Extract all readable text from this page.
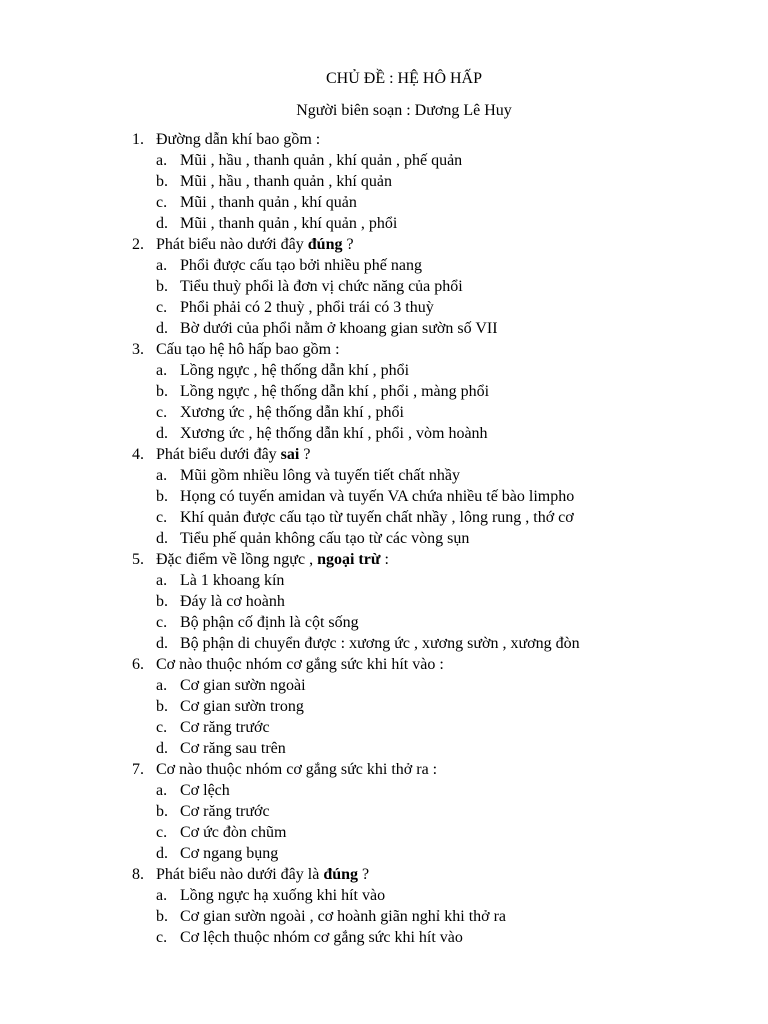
CHỦ ĐỀ : HỆ HÔ HẤP
Người biên soạn : Dương Lê Huy
1. Đường dẫn khí bao gồm :
a. Mũi , hầu , thanh quản , khí quản , phế quản
b. Mũi , hầu , thanh quản , khí quản
c. Mũi , thanh quản , khí quản
d. Mũi , thanh quản , khí quản , phổi
2. Phát biểu nào dưới đây đúng ?
a. Phổi được cấu tạo bởi nhiều phế nang
b. Tiểu thuỳ phổi là đơn vị chức năng của phổi
c. Phổi phải có 2 thuỳ , phổi trái có 3 thuỳ
d. Bờ dưới của phổi nằm ở khoang gian sườn số VII
3. Cấu tạo hệ hô hấp bao gồm :
a. Lồng ngực , hệ thống dẫn khí , phổi
b. Lồng ngực , hệ thống dẫn khí , phổi , màng phổi
c. Xương ức , hệ thống dẫn khí , phổi
d. Xương ức , hệ thống dẫn khí , phổi , vòm hoành
4. Phát biểu dưới đây sai ?
a. Mũi gồm nhiều lông và tuyến tiết chất nhầy
b. Họng có tuyến amidan và tuyến VA chứa nhiều tế bào limpho
c. Khí quản được cấu tạo từ tuyến chất nhầy , lông rung , thớ cơ
d. Tiểu phế quản không cấu tạo từ các vòng sụn
5. Đặc điểm về lồng ngực , ngoại trừ :
a. Là 1 khoang kín
b. Đáy là cơ hoành
c. Bộ phận cố định là cột sống
d. Bộ phận di chuyển được : xương ức , xương sườn , xương đòn
6. Cơ nào thuộc nhóm cơ gắng sức khi hít vào :
a. Cơ gian sườn ngoài
b. Cơ gian sườn trong
c. Cơ răng trước
d. Cơ răng sau trên
7. Cơ nào thuộc nhóm cơ gắng sức khi thở ra :
a. Cơ lệch
b. Cơ răng trước
c. Cơ ức đòn chũm
d. Cơ ngang bụng
8. Phát biểu nào dưới đây là đúng ?
a. Lồng ngực hạ xuống khi hít vào
b. Cơ gian sườn ngoài , cơ hoành giãn nghỉ khi thở ra
c. Cơ lệch thuộc nhóm cơ gắng sức khi hít vào
